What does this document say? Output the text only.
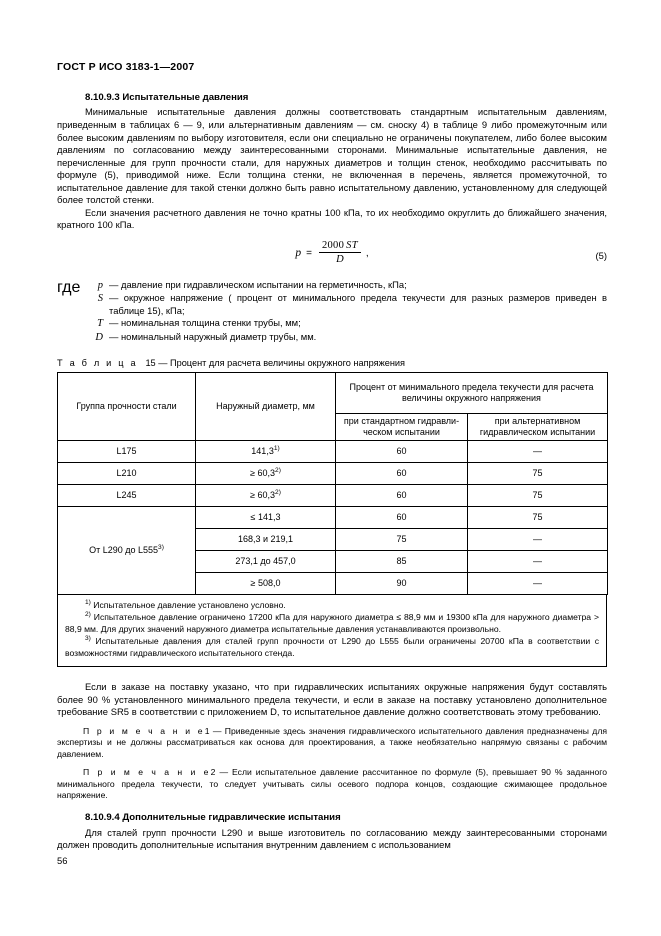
ГОСТ Р ИСО 3183-1—2007
8.10.9.3 Испытательные давления

Минимальные испытательные давления должны соответствовать стандартным испытательным давлениям, приведенным в таблицах 6 — 9, или альтернативным давлениям — см. сноску 4) в таблице 9 либо промежуточным или более высоким давлениям по выбору изготовителя, если они специально не ограничены покупателем, либо более высоким давлениям по согласованию между заинтересованными сторонами. Минимальные испытательные давления, не перечисленные для групп прочности стали, для наружных диаметров и толщин стенок, необходимо рассчитывать по формуле (5), приводимой ниже. Если толщина стенки, не включенная в перечень, является промежуточной, то испытательное давление для такой стенки должно быть равно испытательному давлению, установленному для следующей более толстой стенки.

Если значения расчетного давления не точно кратны 100 кПа, то их необходимо округлить до ближайшего значения, кратного 100 кПа.

$p = \frac{2000 ST}{D}$ ,	(5)
где	p — давление при гидравлическом испытании на герметичность, кПа;
S — окружное напряжение ( процент от минимального предела текучести для разных размеров приведен в таблице 15), кПа;
T — номинальная толщина стенки трубы, мм;
D — номинальный наружный диаметр трубы, мм.
Т а б л и ц а 15 — Процент для расчета величины окружного напряжения
Группа прочности стали	Наружный диаметр, мм	Процент от минимального предела текучести для расчета величины окружного напряжения	
		при стандартном гидравли-ческом испытании	при альтернативном гидравлическом испытании
L175	141,3$^{1)}$	60	—
L210	≥ 60,3$^{2)}$	60	75
L245	≥ 60,3$^{2)}$	60	75
От L290 до L555$^{3)}$	≤ 141,3	60	75
	168,3 и 219,1	75	—
	273,1 до 457,0	85	—
	≥ 508,0	90	—

$^{1)}$ Испытательное давление установлено условно.

$^{2)}$ Испытательное давление ограничено 17200 кПа для наружного диаметра ≤ 88,9 мм и 19300 кПа для наружного диаметра > 88,9 мм. Для других значений наружного диаметра испытательные давления устанавливаются произвольно.

$^{3)}$ Испытательные давления для сталей групп прочности от L290 до L555 были ограничены 20700 кПа в соответствии с возможностями гидравлического испытательного стенда.

Если в заказе на поставку указано, что при гидравлических испытаниях окружные напряжения будут составлять более 90 % установленного минимального предела текучести, и если в заказе на поставку установлено дополнительное требование SR5 в соответствии с приложением D, то испытательное давление должно соответствовать этому требованию.

П р и м е ч а н и е1 — Приведенные здесь значения гидравлического испытательного давления предназначены для экспертизы и не должны рассматриваться как основа для проектирования, а также необязательно напрямую связаны с рабочим давлением.

П р и м е ч а н и е2 — Если испытательное давление рассчитанное по формуле (5), превышает 90 % заданного минимального предела текучести, то следует учитывать силы осевого подпора концов, создающие сжимающее продольное напряжение.

8.10.9.4 Дополнительные гидравлические испытания

Для сталей групп прочности L290 и выше изготовитель по согласованию между заинтересованными сторонами должен проводить дополнительные испытания внутренним давлением с использованием

56
